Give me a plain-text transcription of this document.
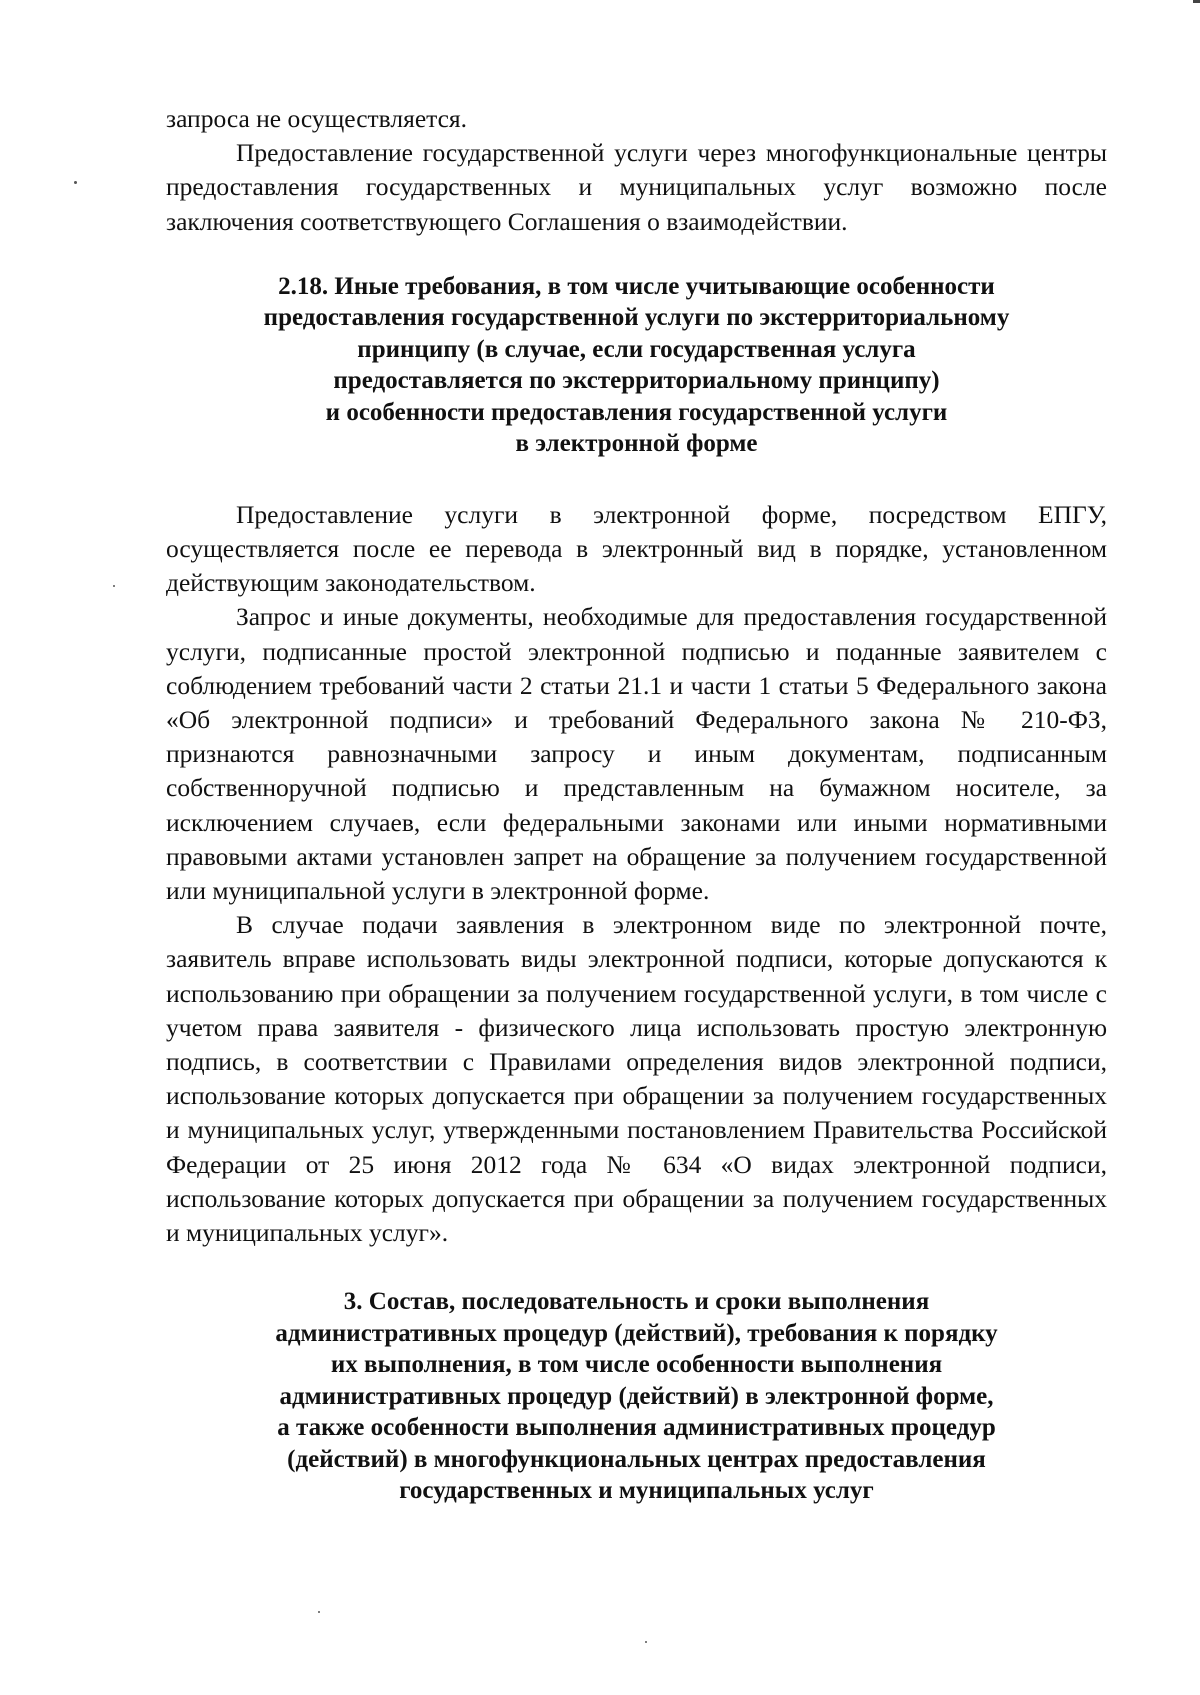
запроса не осуществляется.

Предоставление государственной услуги через многофункциональные центры предоставления государственных и муниципальных услуг возможно после заключения соответствующего Соглашения о взаимодействии.

2.18. Иные требования, в том числе учитывающие особенности
предоставления государственной услуги по экстерриториальному
принципу (в случае, если государственная услуга
предоставляется по экстерриториальному принципу)
и особенности предоставления государственной услуги
в электронной форме

Предоставление услуги в электронной форме, посредством ЕПГУ, осуществляется после ее перевода в электронный вид в порядке, установленном действующим законодательством.

Запрос и иные документы, необходимые для предоставления государственной услуги, подписанные простой электронной подписью и поданные заявителем с соблюдением требований части 2 статьи 21.1 и части 1 статьи 5 Федерального закона «Об электронной подписи» и требований Федерального закона № 210-ФЗ, признаются равнозначными запросу и иным документам, подписанным собственноручной подписью и представленным на бумажном носителе, за исключением случаев, если федеральными законами или иными нормативными правовыми актами установлен запрет на обращение за получением государственной или муниципальной услуги в электронной форме.

В случае подачи заявления в электронном виде по электронной почте, заявитель вправе использовать виды электронной подписи, которые допускаются к использованию при обращении за получением государственной услуги, в том числе с учетом права заявителя - физического лица использовать простую электронную подпись, в соответствии с Правилами определения видов электронной подписи, использование которых допускается при обращении за получением государственных и муниципальных услуг, утвержденными постановлением Правительства Российской Федерации от 25 июня 2012 года № 634 «О видах электронной подписи, использование которых допускается при обращении за получением государственных и муниципальных услуг».

3. Состав, последовательность и сроки выполнения
административных процедур (действий), требования к порядку
их выполнения, в том числе особенности выполнения
административных процедур (действий) в электронной форме,
а также особенности выполнения административных процедур
(действий) в многофункциональных центрах предоставления
государственных и муниципальных услуг
